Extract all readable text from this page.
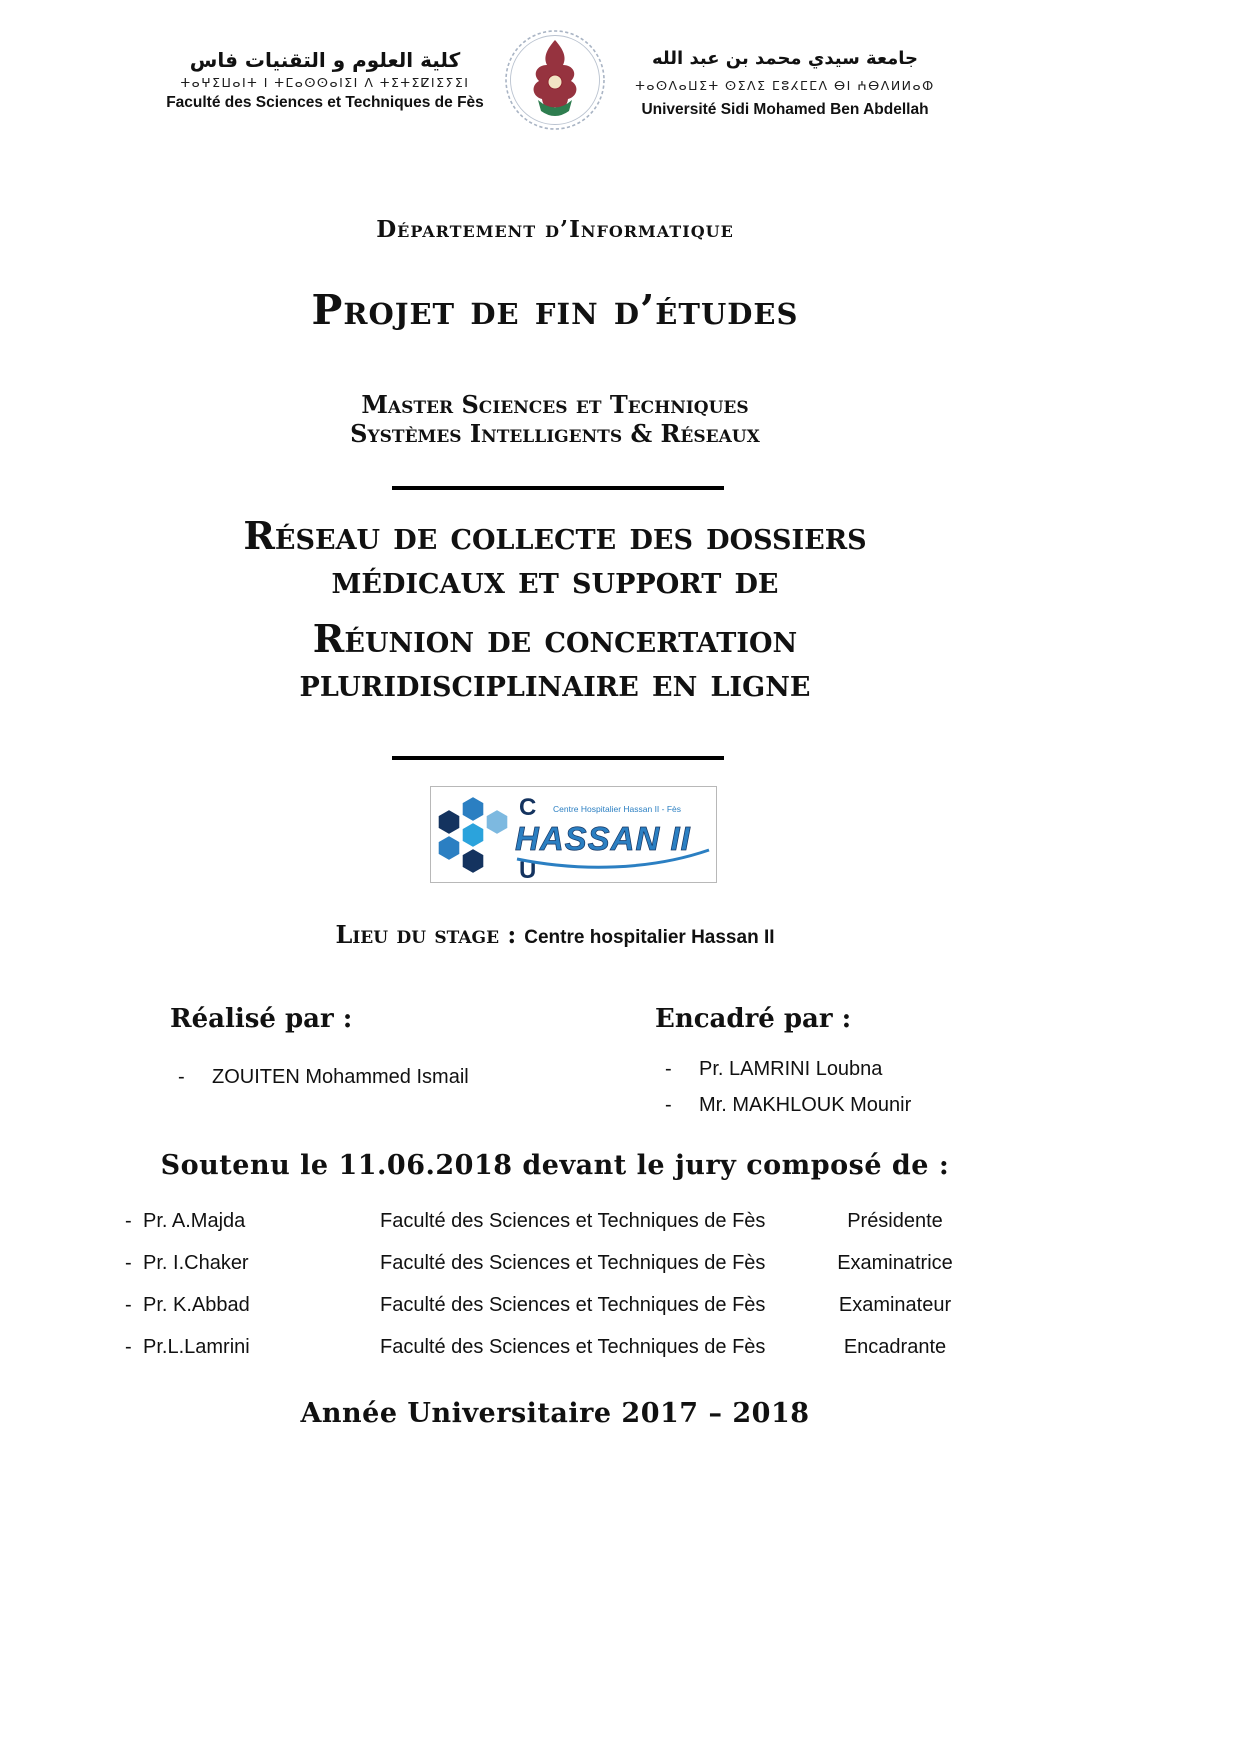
كلية العلوم و التقنيات فاس
ⵜⴰⵖⵉⵡⴰⵏⵜ ⵏ ⵜⵎⴰⵙⵙⴰⵏⵉⵏ ⴷ ⵜⵉⵜⵉⵇⵏⵉⵢⵉⵏ
Faculté des Sciences et Techniques de Fès
جامعة سيدي محمد بن عبد الله
ⵜⴰⵙⴷⴰⵡⵉⵜ ⵙⵉⴷⵉ ⵎⵓⵃⵎⵎⴷ ⴱⵏ ⵄⴱⴷⵍⵍⴰⵀ
Université Sidi Mohamed Ben Abdellah
Département d’Informatique
Projet de fin d’études
Master Sciences et Techniques
Systèmes Intelligents & Réseaux
Réseau de collecte des dossiers
médicaux et support de
Réunion de concertation
pluridisciplinaire en ligne
C Centre Hospitalier Hassan II - Fès
HASSAN II
U
Lieu du stage : Centre hospitalier Hassan II
Réalisé par :	Encadré par :
- ZOUITEN Mohammed Ismail	- Pr. LAMRINI Loubna
- Mr. MAKHLOUK Mounir
Soutenu le 11.06.2018 devant le jury composé de :
- Pr. A.Majda	Faculté des Sciences et Techniques de Fès	Présidente
- Pr. I.Chaker	Faculté des Sciences et Techniques de Fès	Examinatrice
- Pr. K.Abbad	Faculté des Sciences et Techniques de Fès	Examinateur
- Pr.L.Lamrini	Faculté des Sciences et Techniques de Fès	Encadrante
Année Universitaire 2017 – 2018
